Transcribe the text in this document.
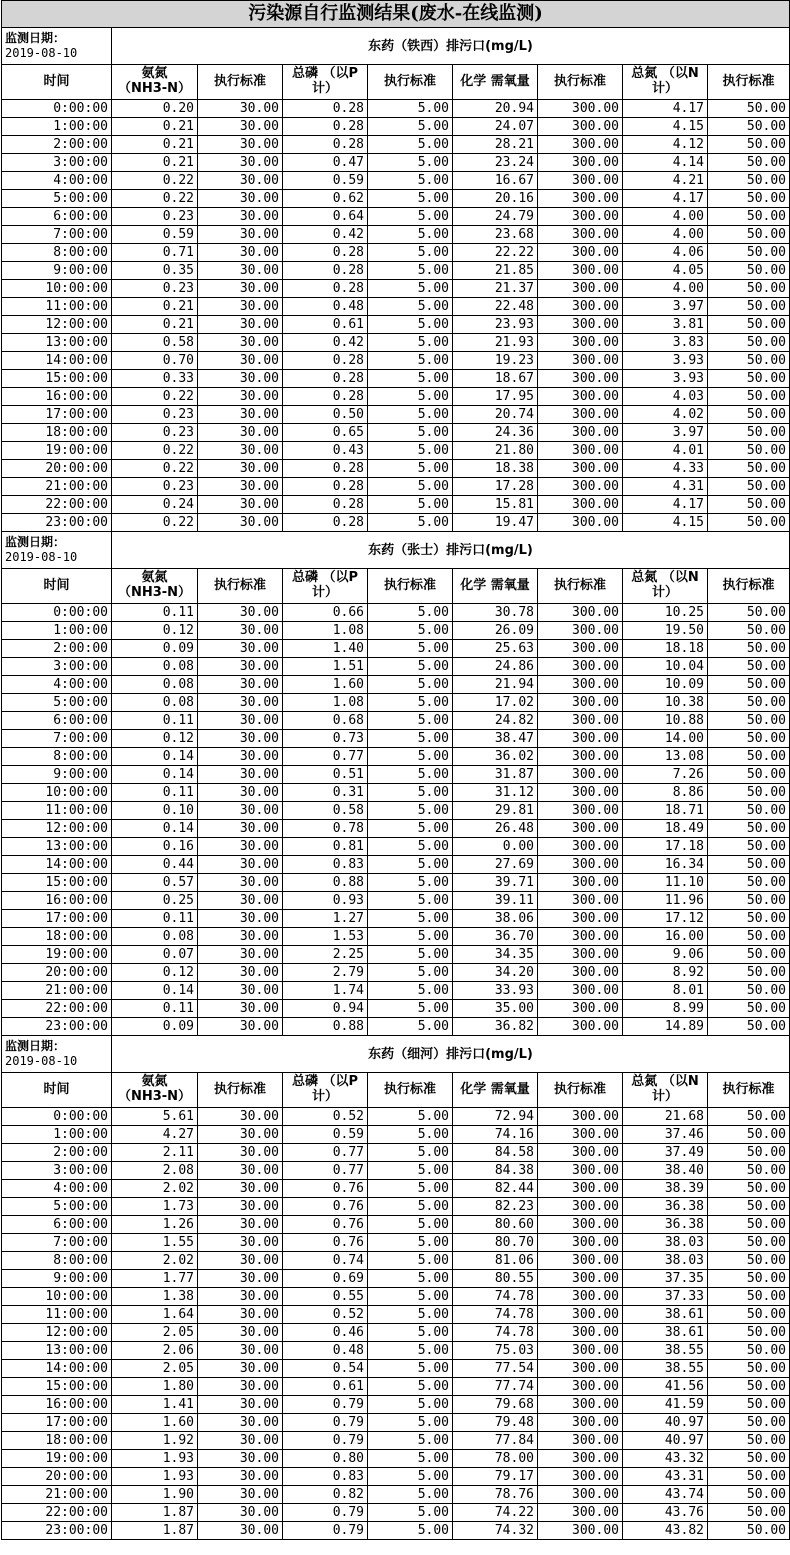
污染源自行监测结果(废水-在线监测)								

监测日期：
2019-08-10	东药（铁西）排污口(mg/L)							
时间	氨氮 （NH3-N）	执行标准	总磷 （以P计）	执行标准	化学 需氧量	执行标准	总氮 （以N计）	执行标准
0:00:00	0.20	30.00	0.28	5.00	20.94	300.00	4.17	50.00
1:00:00	0.21	30.00	0.28	5.00	24.07	300.00	4.15	50.00
2:00:00	0.21	30.00	0.28	5.00	28.21	300.00	4.12	50.00
3:00:00	0.21	30.00	0.47	5.00	23.24	300.00	4.14	50.00
4:00:00	0.22	30.00	0.59	5.00	16.67	300.00	4.21	50.00
5:00:00	0.22	30.00	0.62	5.00	20.16	300.00	4.17	50.00
6:00:00	0.23	30.00	0.64	5.00	24.79	300.00	4.00	50.00
7:00:00	0.59	30.00	0.42	5.00	23.68	300.00	4.00	50.00
8:00:00	0.71	30.00	0.28	5.00	22.22	300.00	4.06	50.00
9:00:00	0.35	30.00	0.28	5.00	21.85	300.00	4.05	50.00
10:00:00	0.23	30.00	0.28	5.00	21.37	300.00	4.00	50.00
11:00:00	0.21	30.00	0.48	5.00	22.48	300.00	3.97	50.00
12:00:00	0.21	30.00	0.61	5.00	23.93	300.00	3.81	50.00
13:00:00	0.58	30.00	0.42	5.00	21.93	300.00	3.83	50.00
14:00:00	0.70	30.00	0.28	5.00	19.23	300.00	3.93	50.00
15:00:00	0.33	30.00	0.28	5.00	18.67	300.00	3.93	50.00
16:00:00	0.22	30.00	0.28	5.00	17.95	300.00	4.03	50.00
17:00:00	0.23	30.00	0.50	5.00	20.74	300.00	4.02	50.00
18:00:00	0.23	30.00	0.65	5.00	24.36	300.00	3.97	50.00
19:00:00	0.22	30.00	0.43	5.00	21.80	300.00	4.01	50.00
20:00:00	0.22	30.00	0.28	5.00	18.38	300.00	4.33	50.00
21:00:00	0.23	30.00	0.28	5.00	17.28	300.00	4.31	50.00
22:00:00	0.24	30.00	0.28	5.00	15.81	300.00	4.17	50.00
23:00:00	0.22	30.00	0.28	5.00	19.47	300.00	4.15	50.00

监测日期：
2019-08-10	东药（张士）排污口(mg/L)							
时间	氨氮 （NH3-N）	执行标准	总磷 （以P计）	执行标准	化学 需氧量	执行标准	总氮 （以N计）	执行标准
0:00:00	0.11	30.00	0.66	5.00	30.78	300.00	10.25	50.00
1:00:00	0.12	30.00	1.08	5.00	26.09	300.00	19.50	50.00
2:00:00	0.09	30.00	1.40	5.00	25.63	300.00	18.18	50.00
3:00:00	0.08	30.00	1.51	5.00	24.86	300.00	10.04	50.00
4:00:00	0.08	30.00	1.60	5.00	21.94	300.00	10.09	50.00
5:00:00	0.08	30.00	1.08	5.00	17.02	300.00	10.38	50.00
6:00:00	0.11	30.00	0.68	5.00	24.82	300.00	10.88	50.00
7:00:00	0.12	30.00	0.73	5.00	38.47	300.00	14.00	50.00
8:00:00	0.14	30.00	0.77	5.00	36.02	300.00	13.08	50.00
9:00:00	0.14	30.00	0.51	5.00	31.87	300.00	7.26	50.00
10:00:00	0.11	30.00	0.31	5.00	31.12	300.00	8.86	50.00
11:00:00	0.10	30.00	0.58	5.00	29.81	300.00	18.71	50.00
12:00:00	0.14	30.00	0.78	5.00	26.48	300.00	18.49	50.00
13:00:00	0.16	30.00	0.81	5.00	0.00	300.00	17.18	50.00
14:00:00	0.44	30.00	0.83	5.00	27.69	300.00	16.34	50.00
15:00:00	0.57	30.00	0.88	5.00	39.71	300.00	11.10	50.00
16:00:00	0.25	30.00	0.93	5.00	39.11	300.00	11.96	50.00
17:00:00	0.11	30.00	1.27	5.00	38.06	300.00	17.12	50.00
18:00:00	0.08	30.00	1.53	5.00	36.70	300.00	16.00	50.00
19:00:00	0.07	30.00	2.25	5.00	34.35	300.00	9.06	50.00
20:00:00	0.12	30.00	2.79	5.00	34.20	300.00	8.92	50.00
21:00:00	0.14	30.00	1.74	5.00	33.93	300.00	8.01	50.00
22:00:00	0.11	30.00	0.94	5.00	35.00	300.00	8.99	50.00
23:00:00	0.09	30.00	0.88	5.00	36.82	300.00	14.89	50.00

监测日期：
2019-08-10	东药（细河）排污口(mg/L)							
时间	氨氮 （NH3-N）	执行标准	总磷 （以P计）	执行标准	化学 需氧量	执行标准	总氮 （以N计）	执行标准
0:00:00	5.61	30.00	0.52	5.00	72.94	300.00	21.68	50.00
1:00:00	4.27	30.00	0.59	5.00	74.16	300.00	37.46	50.00
2:00:00	2.11	30.00	0.77	5.00	84.58	300.00	37.49	50.00
3:00:00	2.08	30.00	0.77	5.00	84.38	300.00	38.40	50.00
4:00:00	2.02	30.00	0.76	5.00	82.44	300.00	38.39	50.00
5:00:00	1.73	30.00	0.76	5.00	82.23	300.00	36.38	50.00
6:00:00	1.26	30.00	0.76	5.00	80.60	300.00	36.38	50.00
7:00:00	1.55	30.00	0.76	5.00	80.70	300.00	38.03	50.00
8:00:00	2.02	30.00	0.74	5.00	81.06	300.00	38.03	50.00
9:00:00	1.77	30.00	0.69	5.00	80.55	300.00	37.35	50.00
10:00:00	1.38	30.00	0.55	5.00	74.78	300.00	37.33	50.00
11:00:00	1.64	30.00	0.52	5.00	74.78	300.00	38.61	50.00
12:00:00	2.05	30.00	0.46	5.00	74.78	300.00	38.61	50.00
13:00:00	2.06	30.00	0.48	5.00	75.03	300.00	38.55	50.00
14:00:00	2.05	30.00	0.54	5.00	77.54	300.00	38.55	50.00
15:00:00	1.80	30.00	0.61	5.00	77.74	300.00	41.56	50.00
16:00:00	1.41	30.00	0.79	5.00	79.68	300.00	41.59	50.00
17:00:00	1.60	30.00	0.79	5.00	79.48	300.00	40.97	50.00
18:00:00	1.92	30.00	0.79	5.00	77.84	300.00	40.97	50.00
19:00:00	1.93	30.00	0.80	5.00	78.00	300.00	43.32	50.00
20:00:00	1.93	30.00	0.83	5.00	79.17	300.00	43.31	50.00
21:00:00	1.90	30.00	0.82	5.00	78.76	300.00	43.74	50.00
22:00:00	1.87	30.00	0.79	5.00	74.22	300.00	43.76	50.00
23:00:00	1.87	30.00	0.79	5.00	74.32	300.00	43.82	50.00
